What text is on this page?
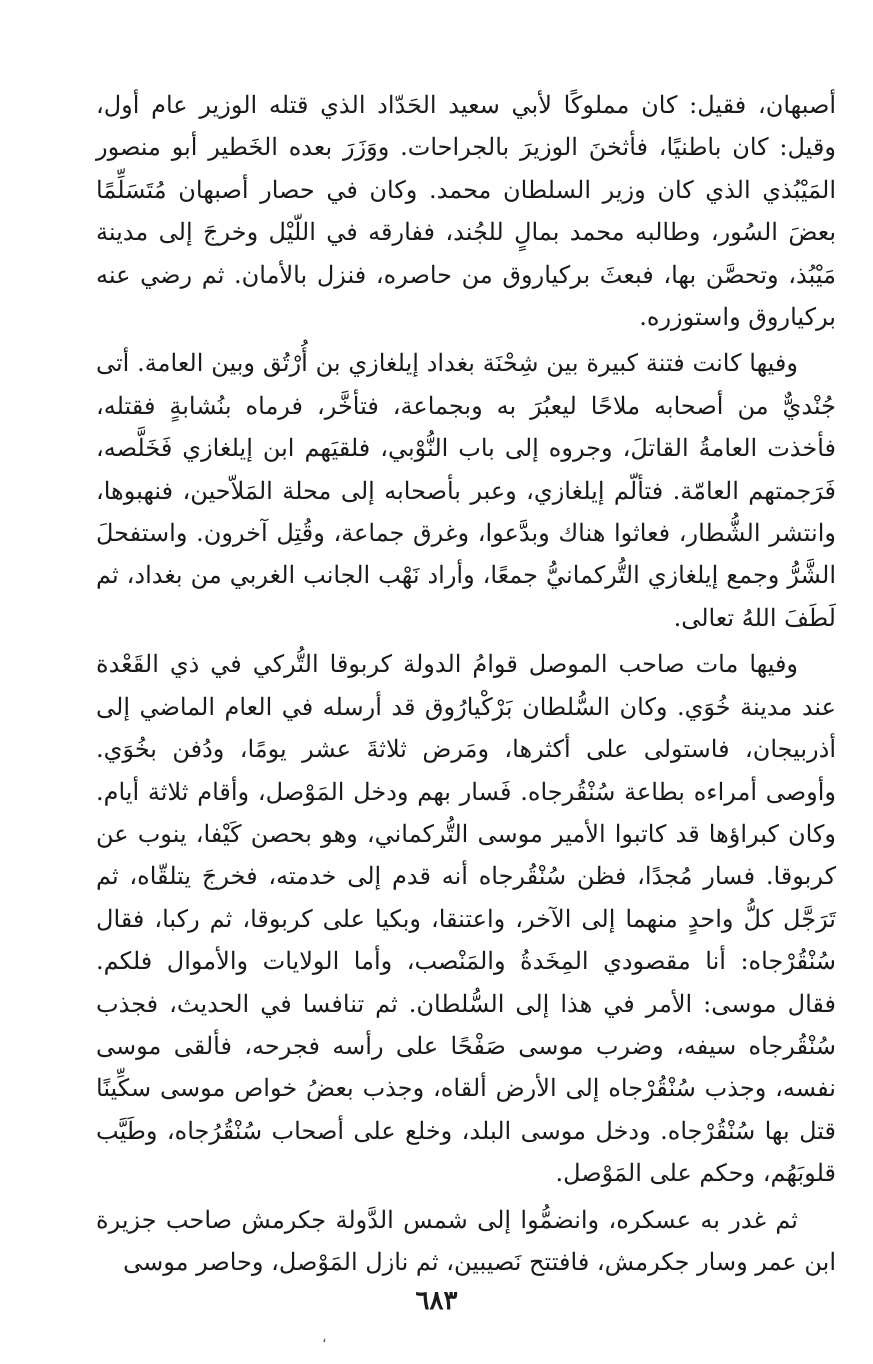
أصبهان، فقيل: كان مملوكًا لأبي سعيد الحَدّاد الذي قتله الوزير عام أول، وقيل: كان باطنيًا، فأثخنَ الوزيرَ بالجراحات. ووَزَرَ بعده الخَطير أبو منصور المَيْبُذي الذي كان وزير السلطان محمد. وكان في حصار أصبهان مُتَسَلِّمًا بعضَ السُور، وطالبه محمد بمالٍ للجُند، ففارقه في اللّيْل وخرجَ إلى مدينة مَيْبُذ، وتحصَّن بها، فبعثَ بركياروق من حاصره، فنزل بالأمان. ثم رضي عنه بركياروق واستوزره.

وفيها كانت فتنة كبيرة بين شِحْنَة بغداد إيلغازي بن أُرْتُق وبين العامة. أتى جُنْديٌّ من أصحابه ملاحًا ليعبُرَ به وبجماعة، فتأخَّر، فرماه بنُشابةٍ فقتله، فأخذت العامةُ القاتلَ، وجروه إلى باب النُّوْبي، فلقيَهم ابن إيلغازي فَخَلَّصه، فَرَجمتهم العامّة. فتألّم إيلغازي، وعبر بأصحابه إلى محلة المَلاّحين، فنهبوها، وانتشر الشُّطار، فعاثوا هناك وبدَّعوا، وغرق جماعة، وقُتِل آخرون. واستفحلَ الشَّرُّ وجمع إيلغازي التُّركمانيُّ جمعًا، وأراد نَهْب الجانب الغربي من بغداد، ثم لَطَفَ اللهُ تعالى.

وفيها مات صاحب الموصل قوامُ الدولة كربوقا التُّركي في ذي القَعْدة عند مدينة خُوَي. وكان السُّلطان بَرْكْيارُوق قد أرسله في العام الماضي إلى أذربيجان، فاستولى على أكثرها، ومَرض ثلاثةَ عشر يومًا، ودُفن بخُوَي. وأوصى أمراءه بطاعة سُنْقُرجاه. فَسار بهم ودخل المَوْصل، وأقام ثلاثة أيام. وكان كبراؤها قد كاتبوا الأمير موسى التُّركماني، وهو بحصن كَيْفا، ينوب عن كربوقا. فسار مُجدًا، فظن سُنْقُرجاه أنه قدم إلى خدمته، فخرجَ يتلقّاه، ثم تَرَجَّل كلُّ واحدٍ منهما إلى الآخر، واعتنقا، وبكيا على كربوقا، ثم ركبا، فقال سُنْقُرْجاه: أنا مقصودي المِخَدةُ والمَنْصب، وأما الولايات والأموال فلكم. فقال موسى: الأمر في هذا إلى السُّلطان. ثم تنافسا في الحديث، فجذب سُنْقُرجاه سيفه، وضرب موسى صَفْحًا على رأسه فجرحه، فألقى موسى نفسه، وجذب سُنْقُرْجاه إلى الأرض ألقاه، وجذب بعضُ خواص موسى سكِّينًا قتل بها سُنْقُرْجاه. ودخل موسى البلد، وخلع على أصحاب سُنْقُرُجاه، وطَيَّب قلوبَهُم، وحكم على المَوْصل.

ثم غدر به عسكره، وانضمُّوا إلى شمس الدَّولة جكرمش صاحب جزيرة ابن عمر وسار جكرمش، فافتتح نَصيبين، ثم نازل المَوْصل، وحاصر موسى

٦٨٣
،
